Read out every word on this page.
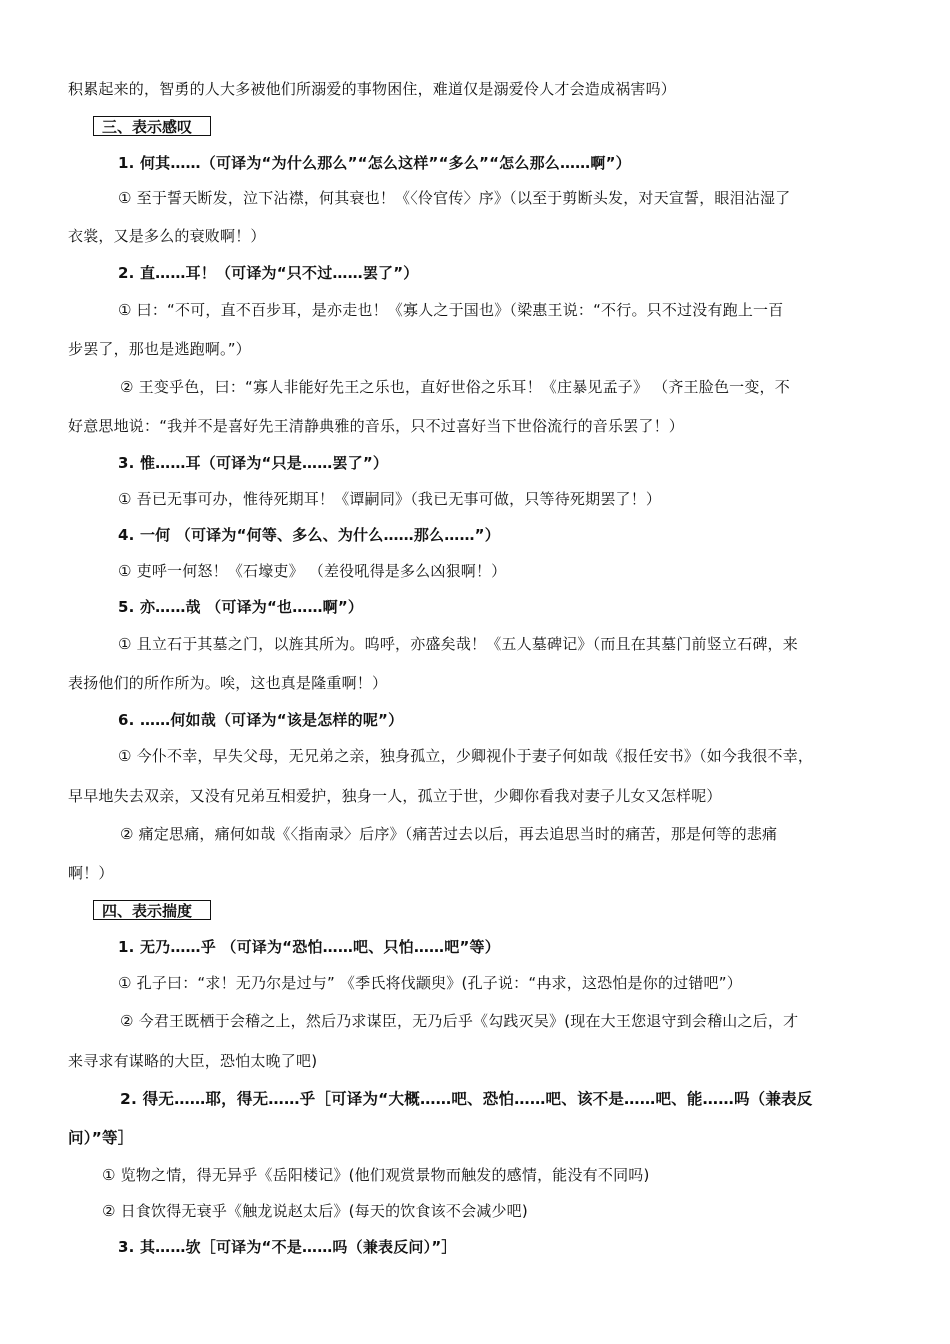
积累起来的，智勇的人大多被他们所溺爱的事物困住，难道仅是溺爱伶人才会造成祸害吗）
三、表示感叹
1. 何其……（可译为“为什么那么”“怎么这样”“多么”“怎么那么……啊”）
① 至于誓天断发，泣下沾襟，何其衰也！《〈伶官传〉序》（以至于剪断头发，对天宣誓，眼泪沾湿了
衣裳，又是多么的衰败啊！）
2. 直……耳！（可译为“只不过……罢了”）
① 曰：“不可，直不百步耳，是亦走也！《寡人之于国也》（梁惠王说：“不行。只不过没有跑上一百
步罢了，那也是逃跑啊。”）
② 王变乎色，曰：“寡人非能好先王之乐也，直好世俗之乐耳！《庄暴见孟子》 （齐王脸色一变，不
好意思地说：“我并不是喜好先王清静典雅的音乐，只不过喜好当下世俗流行的音乐罢了！）
3. 惟……耳（可译为“只是……罢了”）
① 吾已无事可办，惟待死期耳！《谭嗣同》（我已无事可做，只等待死期罢了！）
4. 一何 （可译为“何等、多么、为什么……那么……”）
① 吏呼一何怒！《石壕吏》 （差役吼得是多么凶狠啊！）
5. 亦……哉 （可译为“也……啊”）
① 且立石于其墓之门，以旌其所为。呜呼，亦盛矣哉！《五人墓碑记》（而且在其墓门前竖立石碑，来
表扬他们的所作所为。唉，这也真是隆重啊！）
6. ……何如哉（可译为“该是怎样的呢”）
① 今仆不幸，早失父母，无兄弟之亲，独身孤立，少卿视仆于妻子何如哉《报任安书》（如今我很不幸，
早早地失去双亲，又没有兄弟互相爱护，独身一人，孤立于世，少卿你看我对妻子儿女又怎样呢）
② 痛定思痛，痛何如哉《〈指南录〉后序》（痛苦过去以后，再去追思当时的痛苦，那是何等的悲痛
啊！）
四、表示揣度
1. 无乃……乎 （可译为“恐怕……吧、只怕……吧”等）
① 孔子曰：“求！无乃尔是过与” 《季氏将伐颛臾》(孔子说：“冉求，这恐怕是你的过错吧”）
② 今君王既栖于会稽之上，然后乃求谋臣，无乃后乎《勾践灭吴》(现在大王您退守到会稽山之后，才
来寻求有谋略的大臣，恐怕太晚了吧)
2. 得无……耶，得无……乎［可译为“大概……吧、恐怕……吧、该不是……吧、能……吗（兼表反
问）”等］
① 览物之情，得无异乎《岳阳楼记》(他们观赏景物而触发的感情，能没有不同吗)
② 日食饮得无衰乎《触龙说赵太后》(每天的饮食该不会减少吧)
3. 其……欤［可译为“不是……吗（兼表反问）”］
